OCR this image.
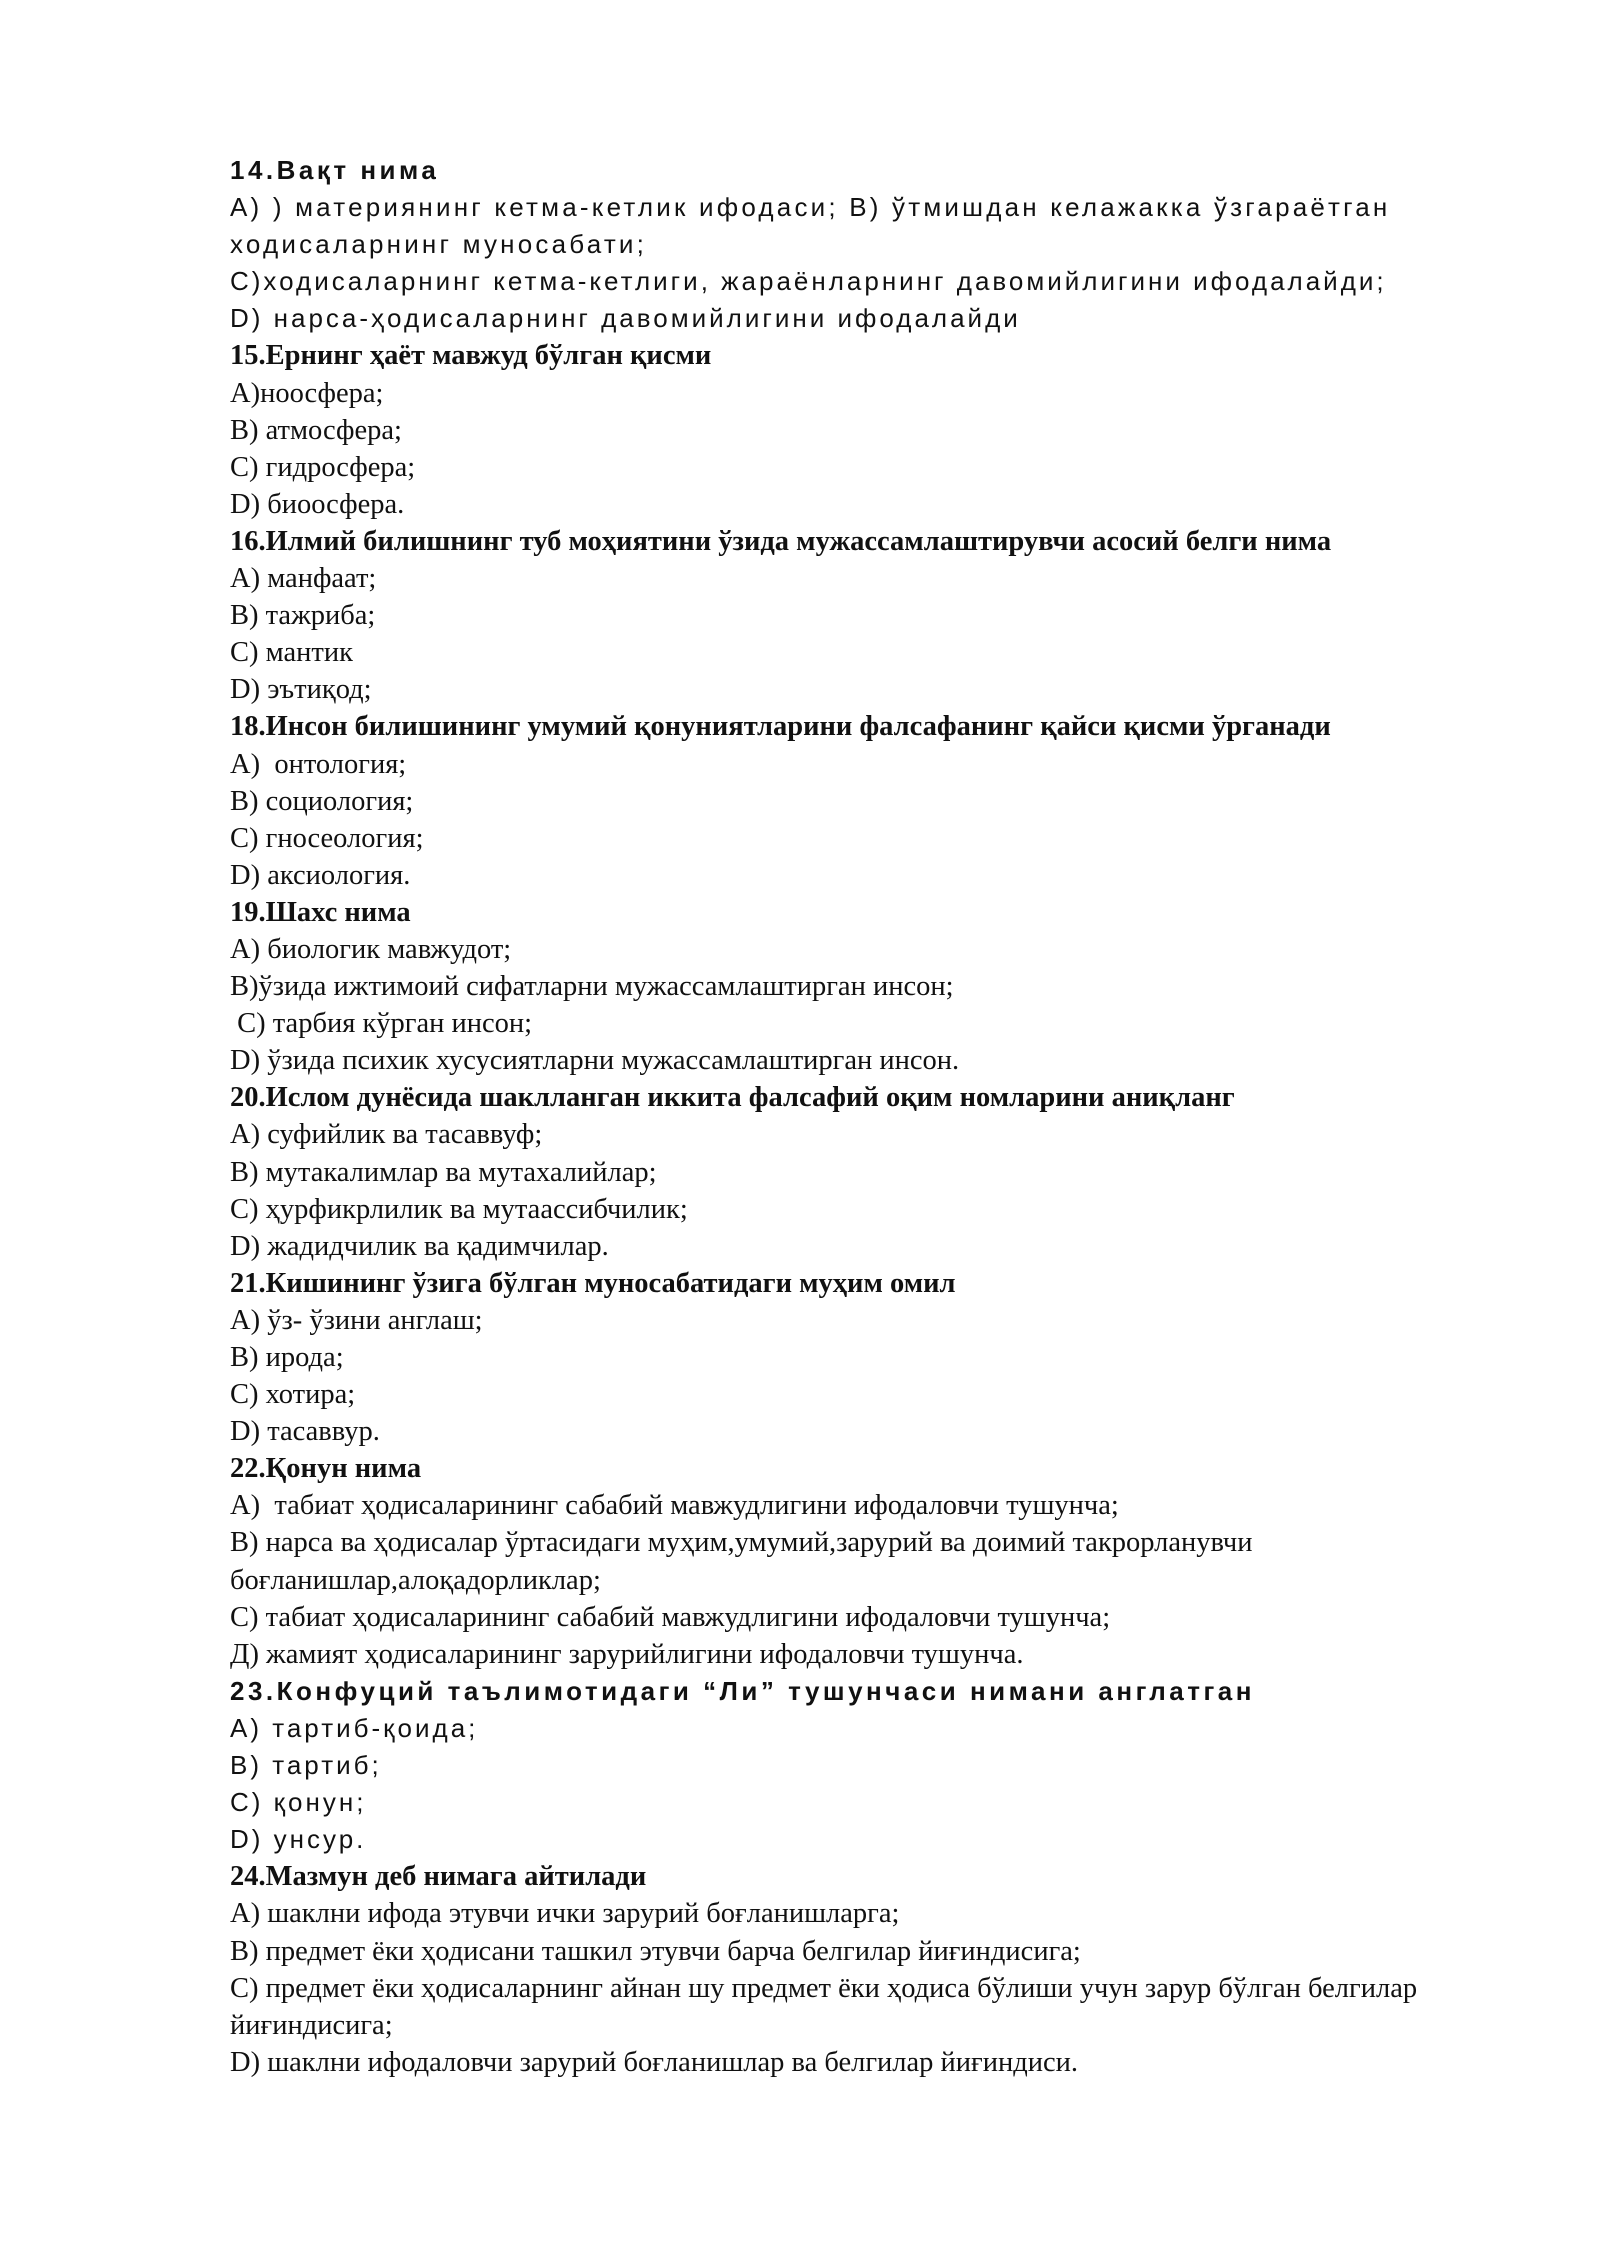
14.Вақт нима
А) ) материянинг кетма-кетлик ифодаси; В) ўтмишдан келажакка ўзгараётган ходисаларнинг муносабати;
С)ходисаларнинг кетма-кетлиги, жараёнларнинг давомийлигини ифодалайди;
D) нарса-ҳодисаларнинг давомийлигини ифодалайди
15.Ернинг ҳаёт мавжуд бўлган қисми
А)ноосфера;
В) атмосфера;
С) гидросфера;
D) биоосфера.
16.Илмий билишнинг туб моҳиятини ўзида мужассамлаштирувчи асосий белги нима
А) манфаат;
В) тажриба;
С) мантик
D) эътиқод;
18.Инсон билишининг умумий қонуниятларини фалсафанинг қайси қисми ўрганади
А)  онтология;
В) социология;
С) гносеология;
D) аксиология.
19.Шахс нима
А) биологик мавжудот;
В)ўзида ижтимоий сифатларни мужассамлаштирган инсон;
С) тарбия кўрган инсон;
D) ўзида психик хусусиятларни мужассамлаштирган инсон.
20.Ислом дунёсида шаклланган иккита фалсафий оқим номларини аниқланг
А) суфийлик ва тасаввуф;
В) мутакалимлар ва мутахалийлар;
С) ҳурфикрлилик ва мутаассибчилик;
D) жадидчилик ва қадимчилар.
21.Кишининг ўзига бўлган муносабатидаги муҳим омил
А) ўз- ўзини англаш;
В) ирода;
С) хотира;
D) тасаввур.
22.Қонун нима
А)  табиат ҳодисаларининг сабабий мавжудлигини ифодаловчи тушунча;
В) нарса ва ҳодисалар ўртасидаги муҳим,умумий,зарурий ва доимий такрорланувчи боғланишлар,алоқадорликлар;
С) табиат ҳодисаларининг сабабий мавжудлигини ифодаловчи тушунча;
Д) жамият ҳодисаларининг зарурийлигини ифодаловчи тушунча.
23.Конфуций таълимотидаги “Ли” тушунчаси нимани англатган
А) тартиб-қоида;
В) тартиб;
С) қонун;
D) унсур.
24.Мазмун деб нимага айтилади
А) шаклни ифода этувчи ички зарурий боғланишларга;
В) предмет ёки ҳодисани ташкил этувчи барча белгилар йиғиндисига;
С) предмет ёки ҳодисаларнинг айнан шу предмет ёки ҳодиса бўлиши учун зарур бўлган белгилар йиғиндисига;
D) шаклни ифодаловчи зарурий боғланишлар ва белгилар йиғиндиси.
